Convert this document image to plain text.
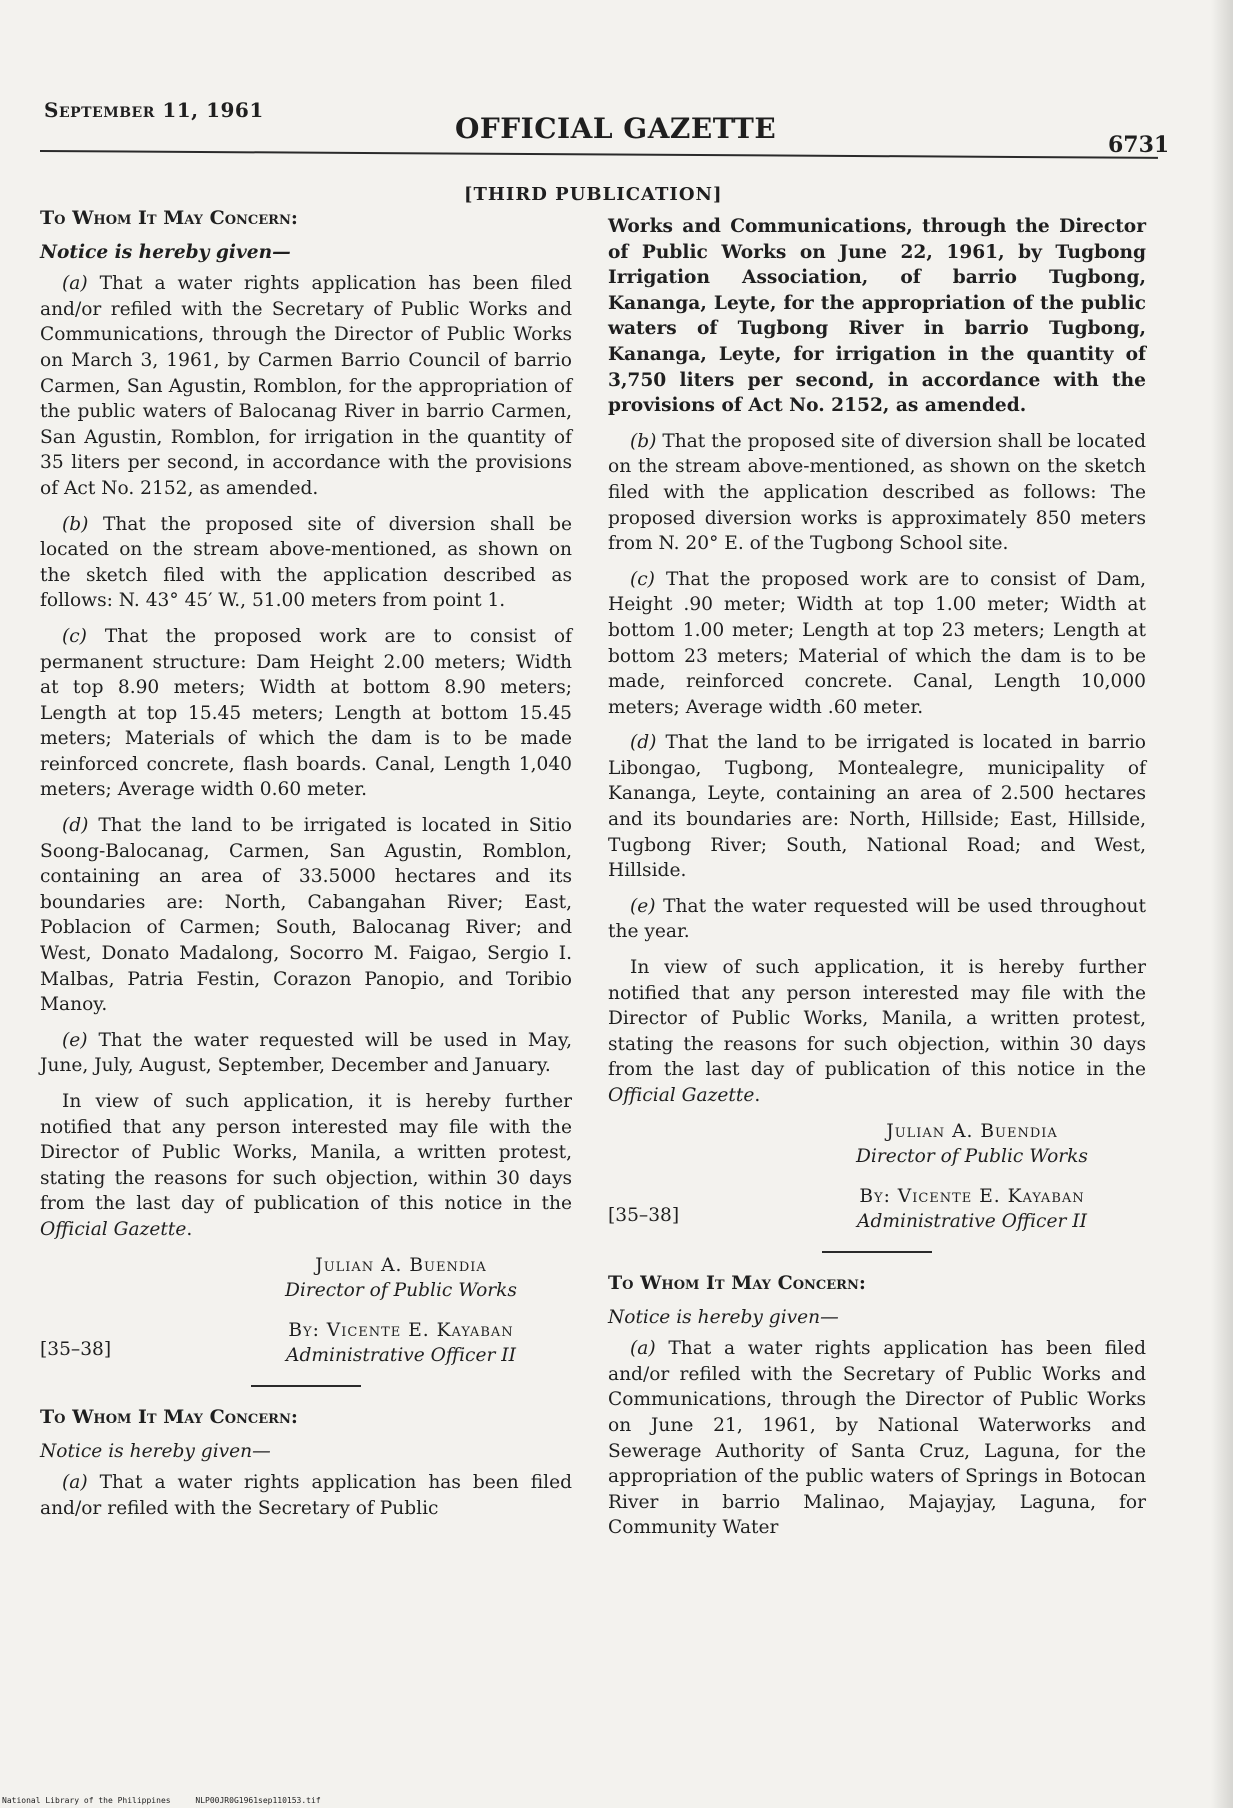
September 11, 1961
OFFICIAL GAZETTE	6731
[THIRD PUBLICATION]
To Whom It May Concern:
Notice is hereby given—

(a) That a water rights application has been filed and/or refiled with the Secretary of Public Works and Communications, through the Director of Public Works on March 3, 1961, by Carmen Barrio Council of barrio Carmen, San Agustin, Romblon, for the appropriation of the public waters of Balocanag River in barrio Carmen, San Agustin, Romblon, for irrigation in the quantity of 35 liters per second, in accordance with the provisions of Act No. 2152, as amended.

(b) That the proposed site of diversion shall be located on the stream above-mentioned, as shown on the sketch filed with the application described as follows: N. 43° 45′ W., 51.00 meters from point 1.

(c) That the proposed work are to consist of permanent structure: Dam Height 2.00 meters; Width at top 8.90 meters; Width at bottom 8.90 meters; Length at top 15.45 meters; Length at bottom 15.45 meters; Materials of which the dam is to be made reinforced concrete, flash boards. Canal, Length 1,040 meters; Average width 0.60 meter.

(d) That the land to be irrigated is located in Sitio Soong-Balocanag, Carmen, San Agustin, Romblon, containing an area of 33.5000 hectares and its boundaries are: North, Cabangahan River; East, Poblacion of Carmen; South, Balocanag River; and West, Donato Madalong, Socorro M. Faigao, Sergio I. Malbas, Patria Festin, Corazon Panopio, and Toribio Manoy.

(e) That the water requested will be used in May, June, July, August, September, December and January.

In view of such application, it is hereby further notified that any person interested may file with the Director of Public Works, Manila, a written protest, stating the reasons for such objection, within 30 days from the last day of publication of this notice in the Official Gazette.

Julian A. Buendia
Director of Public Works
By: Vicente E. Kayaban
Administrative Officer II
[35–38]
To Whom It May Concern:
Notice is hereby given—

(a) That a water rights application has been filed and/or refiled with the Secretary of Public

Works and Communications, through the Director of Public Works on June 22, 1961, by Tugbong Irrigation Association, of barrio Tugbong, Kananga, Leyte, for the appropriation of the public waters of Tugbong River in barrio Tugbong, Kananga, Leyte, for irrigation in the quantity of 3,750 liters per second, in accordance with the provisions of Act No. 2152, as amended.

(b) That the proposed site of diversion shall be located on the stream above-mentioned, as shown on the sketch filed with the application described as follows: The proposed diversion works is approximately 850 meters from N. 20° E. of the Tugbong School site.

(c) That the proposed work are to consist of Dam, Height .90 meter; Width at top 1.00 meter; Width at bottom 1.00 meter; Length at top 23 meters; Length at bottom 23 meters; Material of which the dam is to be made, reinforced concrete. Canal, Length 10,000 meters; Average width .60 meter.

(d) That the land to be irrigated is located in barrio Libongao, Tugbong, Montealegre, municipality of Kananga, Leyte, containing an area of 2.500 hectares and its boundaries are: North, Hillside; East, Hillside, Tugbong River; South, National Road; and West, Hillside.

(e) That the water requested will be used throughout the year.

In view of such application, it is hereby further notified that any person interested may file with the Director of Public Works, Manila, a written protest, stating the reasons for such objection, within 30 days from the last day of publication of this notice in the Official Gazette.

Julian A. Buendia
Director of Public Works
By: Vicente E. Kayaban
Administrative Officer II
[35–38]
To Whom It May Concern:
Notice is hereby given—

(a) That a water rights application has been filed and/or refiled with the Secretary of Public Works and Communications, through the Director of Public Works on June 21, 1961, by National Waterworks and Sewerage Authority of Santa Cruz, Laguna, for the appropriation of the public waters of Springs in Botocan River in barrio Malinao, Majayjay, Laguna, for Community Water

National Library of the Philippines	NLP00JR0G1961sep110153.tif
